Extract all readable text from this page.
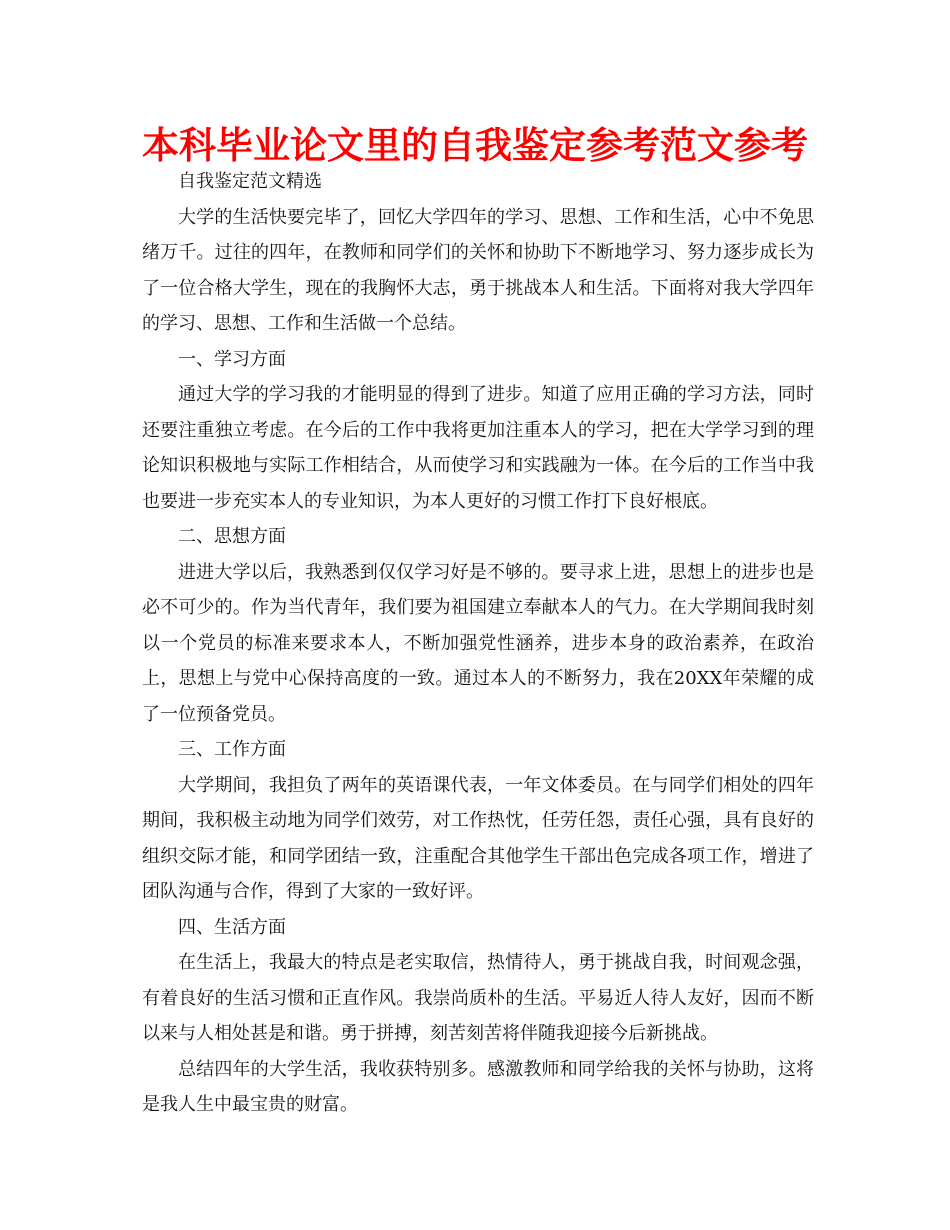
本科毕业论文里的自我鉴定参考范文参考

自我鉴定范文精选

大学的生活快要完毕了，回忆大学四年的学习、思想、工作和生活，心中不免思绪万千。过往的四年，在教师和同学们的关怀和协助下不断地学习、努力逐步成长为了一位合格大学生，现在的我胸怀大志，勇于挑战本人和生活。下面将对我大学四年的学习、思想、工作和生活做一个总结。

一、学习方面

通过大学的学习我的才能明显的得到了进步。知道了应用正确的学习方法，同时还要注重独立考虑。在今后的工作中我将更加注重本人的学习，把在大学学习到的理论知识积极地与实际工作相结合，从而使学习和实践融为一体。在今后的工作当中我也要进一步充实本人的专业知识，为本人更好的习惯工作打下良好根底。

二、思想方面

进进大学以后，我熟悉到仅仅学习好是不够的。要寻求上进，思想上的进步也是必不可少的。作为当代青年，我们要为祖国建立奉献本人的气力。在大学期间我时刻以一个党员的标准来要求本人，不断加强党性涵养，进步本身的政治素养，在政治上，思想上与党中心保持高度的一致。通过本人的不断努力，我在20XX年荣耀的成了一位预备党员。

三、工作方面

大学期间，我担负了两年的英语课代表，一年文体委员。在与同学们相处的四年期间，我积极主动地为同学们效劳，对工作热忱，任劳任怨，责任心强，具有良好的组织交际才能，和同学团结一致，注重配合其他学生干部出色完成各项工作，增进了团队沟通与合作，得到了大家的一致好评。

四、生活方面

在生活上，我最大的特点是老实取信，热情待人，勇于挑战自我，时间观念强，有着良好的生活习惯和正直作风。我崇尚质朴的生活。平易近人待人友好，因而不断以来与人相处甚是和谐。勇于拼搏，刻苦刻苦将伴随我迎接今后新挑战。

总结四年的大学生活，我收获特别多。感激教师和同学给我的关怀与协助，这将是我人生中最宝贵的财富。
